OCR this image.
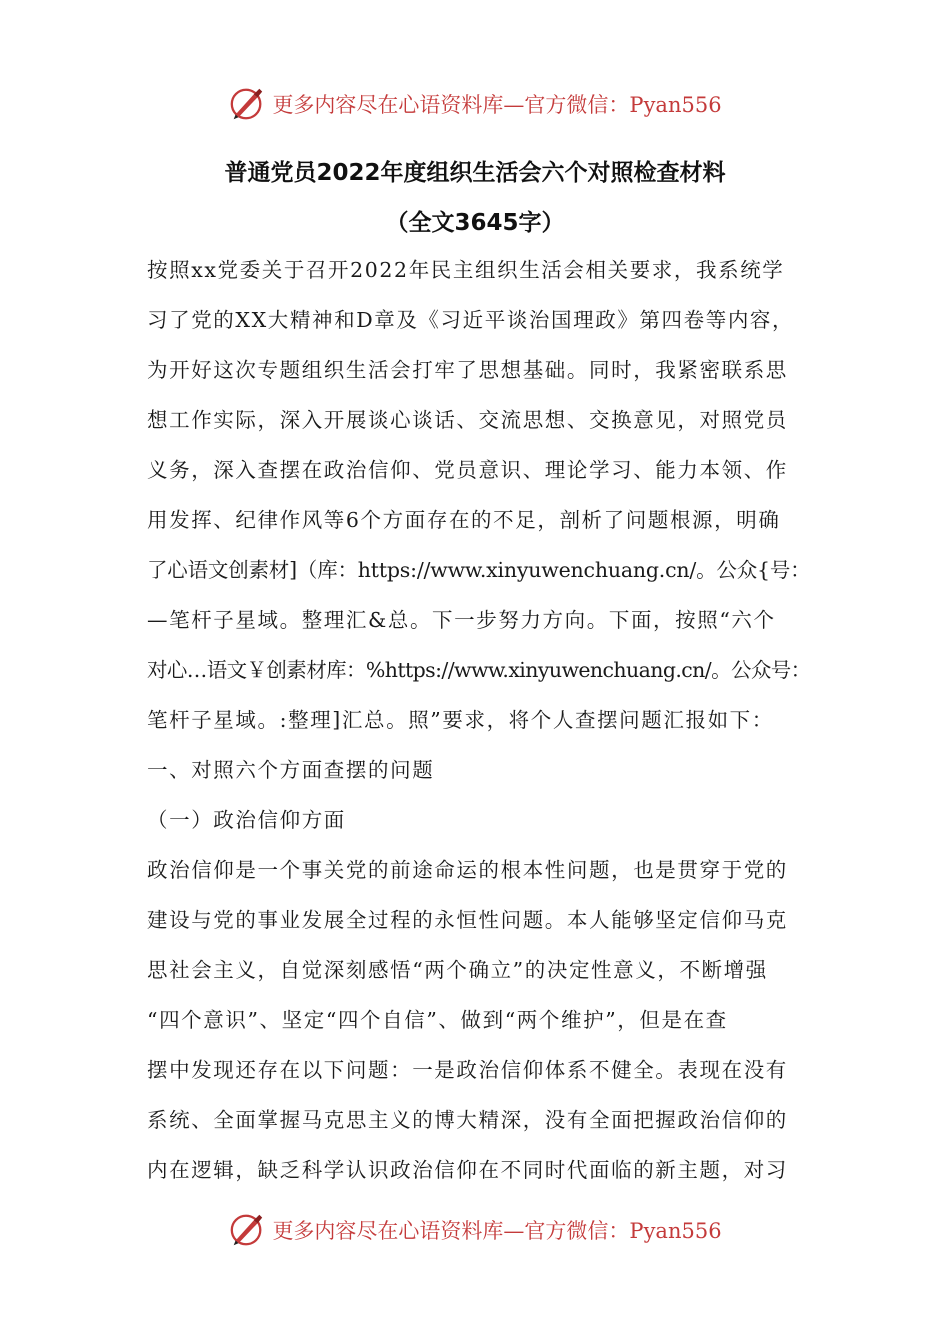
更多内容尽在心语资料库—官方微信：Pyan556
普通党员2022年度组织生活会六个对照检查材料
（全文3645字）
按照xx党委关于召开2022年民主组织生活会相关要求，我系统学
习了党的XX大精神和D章及《习近平谈治国理政》第四卷等内容，
为开好这次专题组织生活会打牢了思想基础。同时，我紧密联系思
想工作实际，深入开展谈心谈话、交流思想、交换意见，对照党员
义务，深入查摆在政治信仰、党员意识、理论学习、能力本领、作
用发挥、纪律作风等6个方面存在的不足，剖析了问题根源，明确
了心语文创素材]（库：https://www.xinyuwenchuang.cn/。公众{号：
—笔杆子星域。整理汇&总。下一步努力方向。下面，按照“六个
对心…语文￥创素材库：%https://www.xinyuwenchuang.cn/。公众号：
笔杆子星域。:整理]汇总。照”要求，将个人查摆问题汇报如下：
一、对照六个方面查摆的问题
（一）政治信仰方面
政治信仰是一个事关党的前途命运的根本性问题，也是贯穿于党的
建设与党的事业发展全过程的永恒性问题。本人能够坚定信仰马克
思社会主义，自觉深刻感悟“两个确立”的决定性意义，不断增强
“四个意识”、坚定“四个自信”、做到“两个维护”，但是在查
摆中发现还存在以下问题：一是政治信仰体系不健全。表现在没有
系统、全面掌握马克思主义的博大精深，没有全面把握政治信仰的
内在逻辑，缺乏科学认识政治信仰在不同时代面临的新主题，对习
更多内容尽在心语资料库—官方微信：Pyan556
